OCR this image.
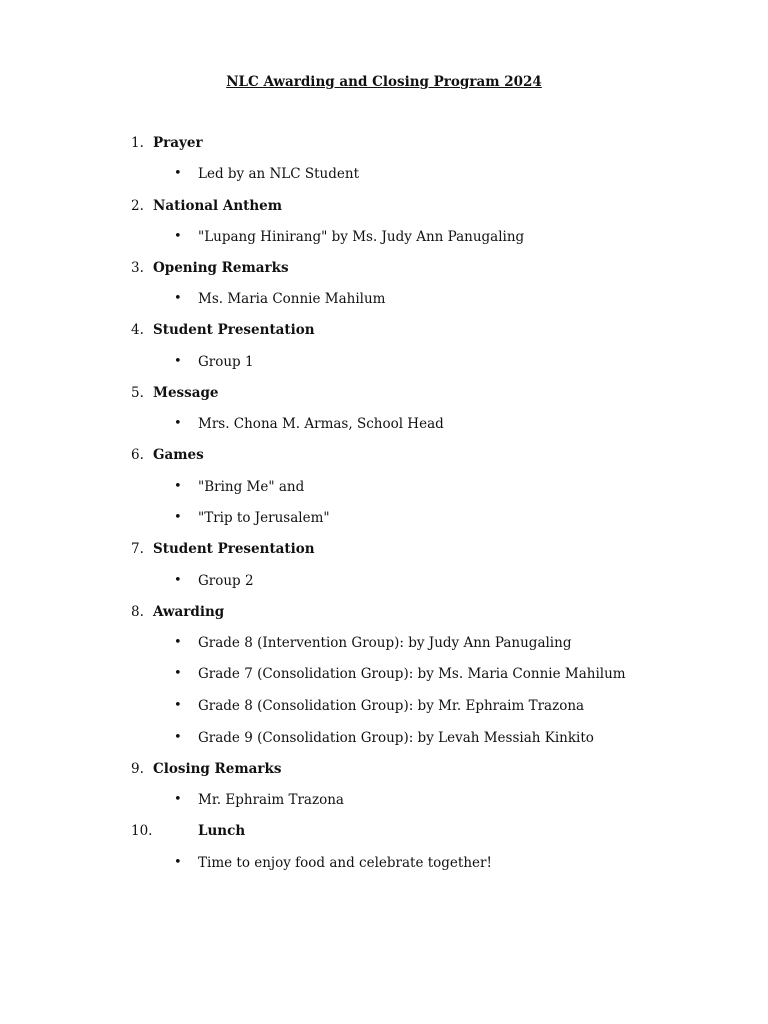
NLC Awarding and Closing Program 2024
1. Prayer
• Led by an NLC Student
2. National Anthem
• "Lupang Hinirang" by Ms. Judy Ann Panugaling
3. Opening Remarks
• Ms. Maria Connie Mahilum
4. Student Presentation
• Group 1
5. Message
• Mrs. Chona M. Armas, School Head
6. Games
• "Bring Me" and
• "Trip to Jerusalem"
7. Student Presentation
• Group 2
8. Awarding
• Grade 8 (Intervention Group): by Judy Ann Panugaling
• Grade 7 (Consolidation Group): by Ms. Maria Connie Mahilum
• Grade 8 (Consolidation Group): by Mr. Ephraim Trazona
• Grade 9 (Consolidation Group): by Levah Messiah Kinkito
9. Closing Remarks
• Mr. Ephraim Trazona
10.	Lunch
• Time to enjoy food and celebrate together!
